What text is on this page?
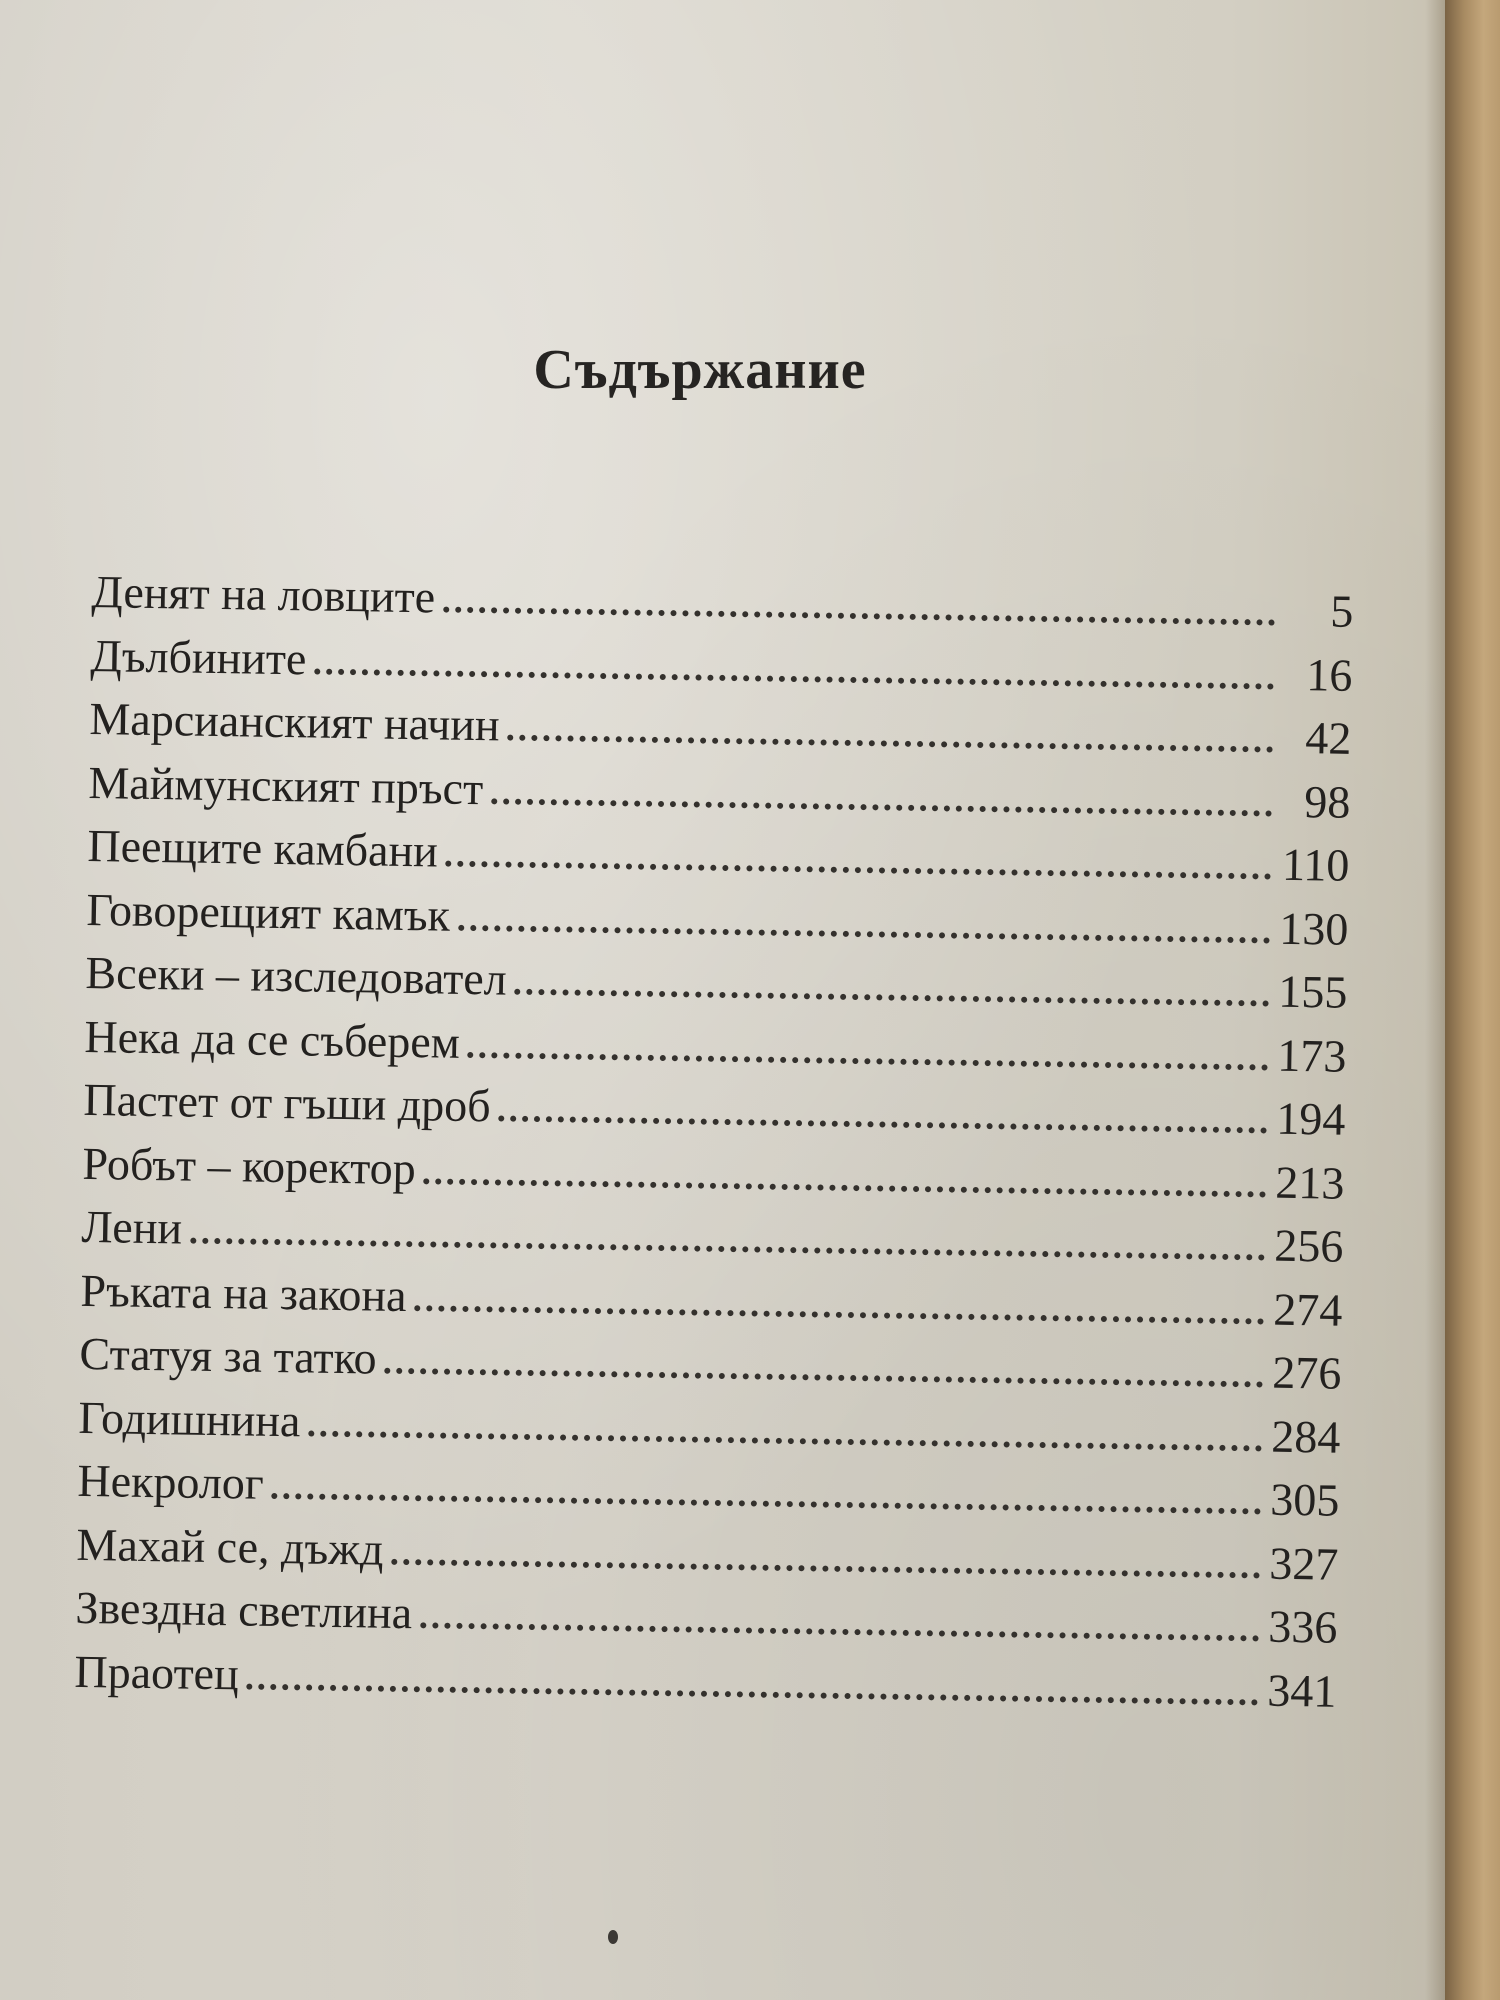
Съдържание
Денят на ловците	5
Дълбините	16
Марсианският начин	42
Маймунският пръст	98
Пеещите камбани	110
Говорещият камък	130
Всеки – изследовател	155
Нека да се съберем	173
Пастет от гъши дроб	194
Робът – коректор	213
Лени	256
Ръката на закона	274
Статуя за татко	276
Годишнина	284
Некролог	305
Махай се, дъжд	327
Звездна светлина	336
Праотец	341
